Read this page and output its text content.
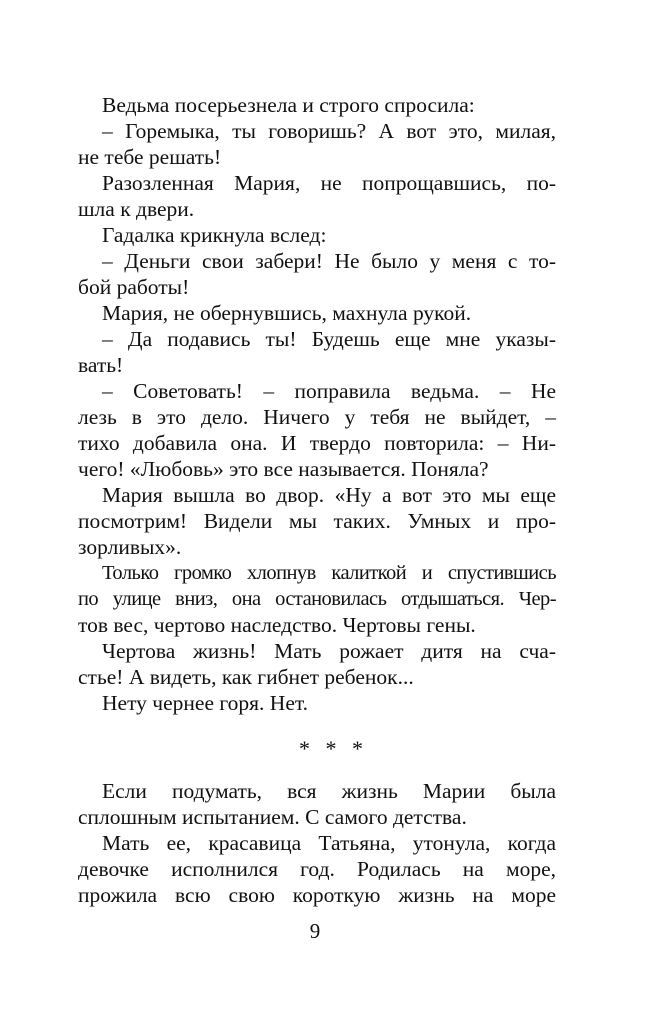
Ведьма посерьезнела и строго спросила:
– Горемыка, ты говоришь? А вот это, милая,
не тебе решать!
Разозленная Мария, не попрощавшись, по-
шла к двери.
Гадалка крикнула вслед:
– Деньги свои забери! Не было у меня с то-
бой работы!
Мария, не обернувшись, махнула рукой.
– Да подавись ты! Будешь еще мне указы-
вать!
– Советовать! – поправила ведьма. – Не
лезь в это дело. Ничего у тебя не выйдет, –
тихо добавила она. И твердо повторила: – Ни-
чего! «Любовь» это все называется. Поняла?
Мария вышла во двор. «Ну а вот это мы еще
посмотрим! Видели мы таких. Умных и про-
зорливых».
Только громко хлопнув калиткой и спустившись
по улице вниз, она остановилась отдышаться. Чер-
тов вес, чертово наследство. Чертовы гены.
Чертова жизнь! Мать рожает дитя на сча-
стье! А видеть, как гибнет ребенок...
Нету чернее горя. Нет.
* * *
Если подумать, вся жизнь Марии была
сплошным испытанием. С самого детства.
Мать ее, красавица Татьяна, утонула, когда
девочке исполнился год. Родилась на море,
прожила всю свою короткую жизнь на море
9
